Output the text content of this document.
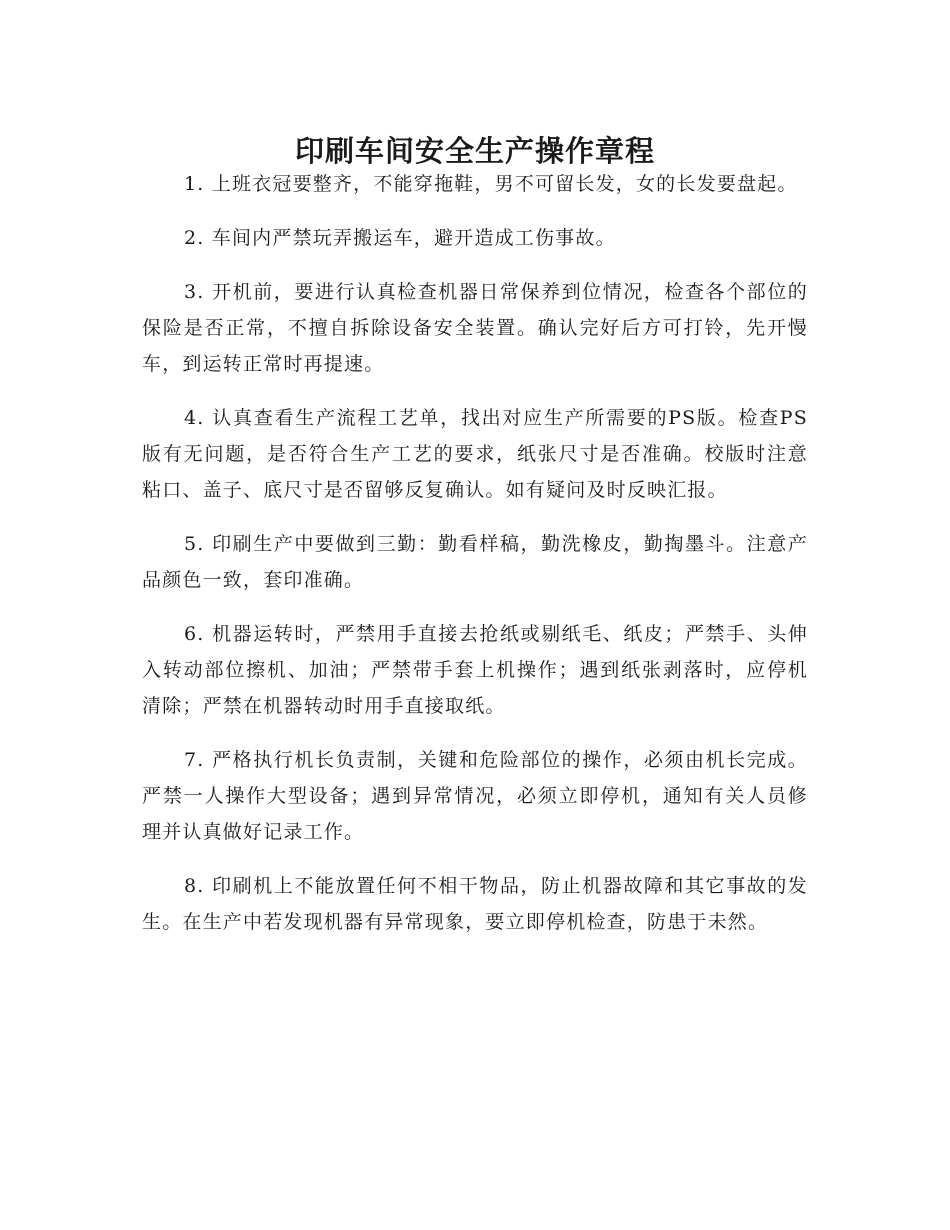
印刷车间安全生产操作章程

1. 上班衣冠要整齐，不能穿拖鞋，男不可留长发，女的长发要盘起。

2. 车间内严禁玩弄搬运车，避开造成工伤事故。

3. 开机前，要进行认真检查机器日常保养到位情况，检查各个部位的保险是否正常，不擅自拆除设备安全装置。确认完好后方可打铃，先开慢车，到运转正常时再提速。

4. 认真查看生产流程工艺单，找出对应生产所需要的PS版。检查PS版有无问题，是否符合生产工艺的要求，纸张尺寸是否准确。校版时注意粘口、盖子、底尺寸是否留够反复确认。如有疑问及时反映汇报。

5. 印刷生产中要做到三勤：勤看样稿，勤洗橡皮，勤掏墨斗。注意产品颜色一致，套印准确。

6. 机器运转时，严禁用手直接去抢纸或剔纸毛、纸皮；严禁手、头伸入转动部位擦机、加油；严禁带手套上机操作；遇到纸张剥落时，应停机清除；严禁在机器转动时用手直接取纸。

7. 严格执行机长负责制，关键和危险部位的操作，必须由机长完成。严禁一人操作大型设备；遇到异常情况，必须立即停机，通知有关人员修理并认真做好记录工作。

8. 印刷机上不能放置任何不相干物品，防止机器故障和其它事故的发生。在生产中若发现机器有异常现象，要立即停机检查，防患于未然。
